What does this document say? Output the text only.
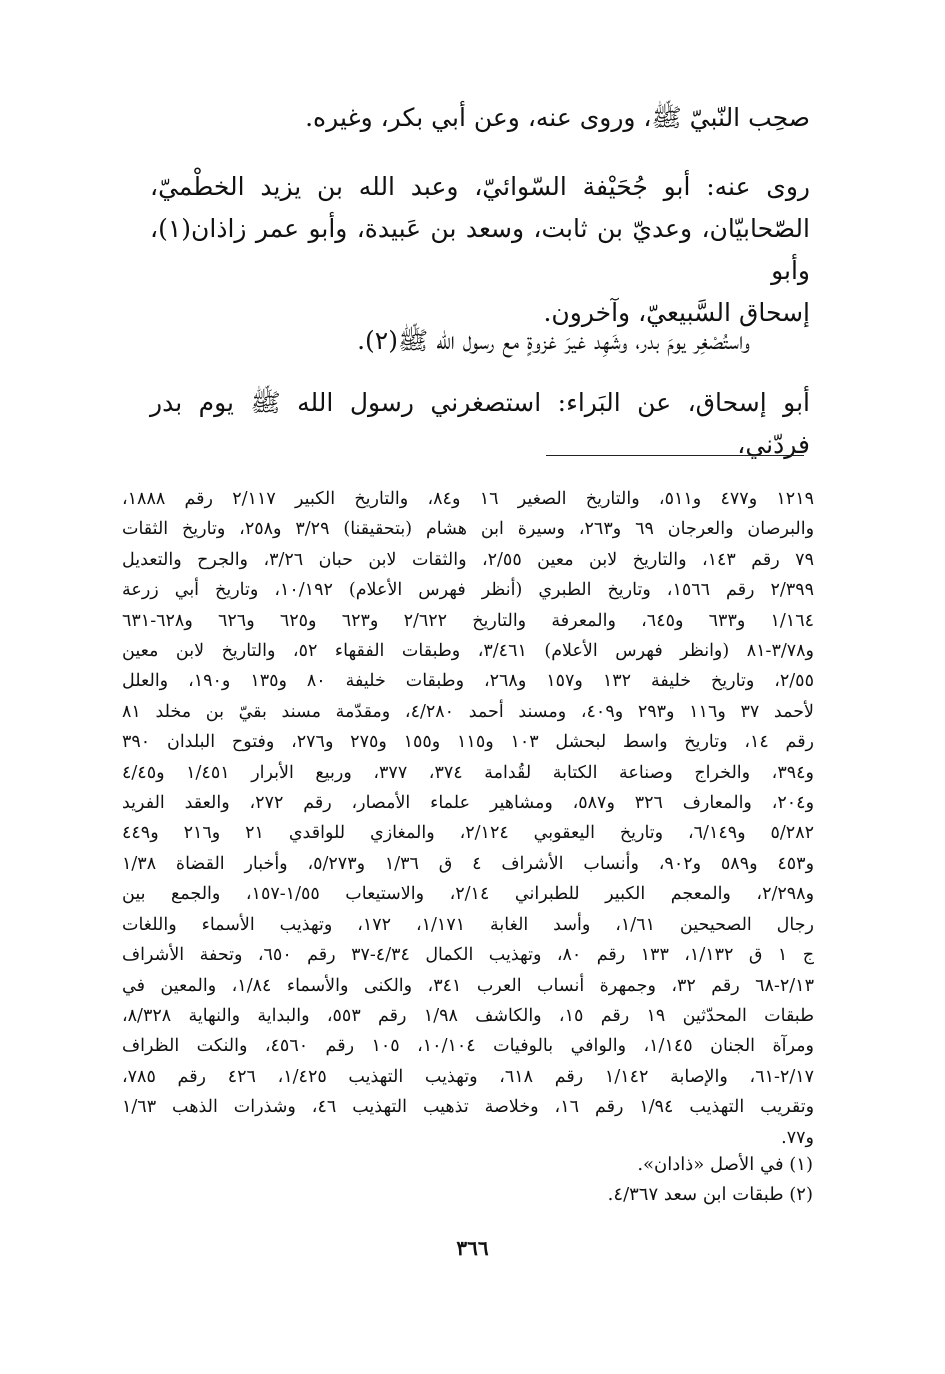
صحِب النّبيّ ﷺ، وروى عنه، وعن أبي بكر، وغيره.

روى عنه: أبو جُحَيْفة السّوائيّ، وعبد الله بن يزيد الخطْميّ،

الصّحابيّان، وعديّ بن ثابت، وسعد بن عَبيدة، وأبو عمر زاذان(١)، وأبو

إسحاق السَّبيعيّ، وآخرون.

واستُصْغِر يومَ بدر، وشَهِد غيرَ غزوةٍ مع رسول الله ﷺ(٢).

أبو إسحاق، عن البَراء: استصغرني رسول الله ﷺ يوم بدر فردّني،

١٢١٩ و٤٧٧ و٥١١، والتاريخ الصغير ١٦ و٨٤، والتاريخ الكبير ٢/١١٧ رقم ١٨٨٨،
والبرصان والعرجان ٦٩ و٢٦٣، وسيرة ابن هشام (بتحقيقنا) ٣/٢٩ و٢٥٨، وتاريخ الثقات
٧٩ رقم ١٤٣، والتاريخ لابن معين ٢/٥٥، والثقات لابن حبان ٣/٢٦، والجرح والتعديل
٢/٣٩٩ رقم ١٥٦٦، وتاريخ الطبري (أنظر فهرس الأعلام) ١٠/١٩٢، وتاريخ أبي زرعة
١/١٦٤ و٦٣٣ و٦٤٥، والمعرفة والتاريخ ٢/٦٢٢ و٦٢٣ و٦٢٥ و٦٢٦ و٦٢٨-٦٣١
و٣/٧٨-٨١ (وانظر فهرس الأعلام) ٣/٤٦١، وطبقات الفقهاء ٥٢، والتاريخ لابن معين
٢/٥٥، وتاريخ خليفة ١٣٢ و١٥٧ و٢٦٨، وطبقات خليفة ٨٠ و١٣٥ و١٩٠، والعلل
لأحمد ٣٧ و١١٦ و٢٩٣ و٤٠٩، ومسند أحمد ٤/٢٨٠، ومقدّمة مسند بقيّ بن مخلد ٨١
رقم ١٤، وتاريخ واسط لبحشل ١٠٣ و١١٥ و١٥٥ و٢٧٥ و٢٧٦، وفتوح البلدان ٣٩٠
و٣٩٤، والخراج وصناعة الكتابة لقُدامة ٣٧٤، ٣٧٧، وربيع الأبرار ١/٤٥١ و٤/٤٥
و٢٠٤، والمعارف ٣٢٦ و٥٨٧، ومشاهير علماء الأمصار، رقم ٢٧٢، والعقد الفريد
٥/٢٨٢ و٦/١٤٩، وتاريخ اليعقوبي ٢/١٢٤، والمغازي للواقدي ٢١ و٢١٦ و٤٤٩
و٤٥٣ و٥٨٩ و٩٠٢، وأنساب الأشراف ٤ ق ١/٣٦ و٥/٢٧٣، وأخبار القضاة ١/٣٨
و٢/٢٩٨، والمعجم الكبير للطبراني ٢/١٤، والاستيعاب ١/٥٥-١٥٧، والجمع بين
رجال الصحيحين ١/٦١، وأسد الغابة ١/١٧١، ١٧٢، وتهذيب الأسماء واللغات
ج ١ ق ١/١٣٢، ١٣٣ رقم ٨٠، وتهذيب الكمال ٤/٣٤-٣٧ رقم ٦٥٠، وتحفة الأشراف
٢/١٣-٦٨ رقم ٣٢، وجمهرة أنساب العرب ٣٤١، والكنى والأسماء ١/٨٤، والمعين في
طبقات المحدّثين ١٩ رقم ١٥، والكاشف ١/٩٨ رقم ٥٥٣، والبداية والنهاية ٨/٣٢٨،
ومرآة الجنان ١/١٤٥، والوافي بالوفيات ١٠/١٠٤، ١٠٥ رقم ٤٥٦٠، والنكت الظراف
٢/١٧-٦١، والإصابة ١/١٤٢ رقم ٦١٨، وتهذيب التهذيب ١/٤٢٥، ٤٢٦ رقم ٧٨٥،
وتقريب التهذيب ١/٩٤ رقم ١٦، وخلاصة تذهيب التهذيب ٤٦، وشذرات الذهب ١/٦٣
و٧٧.
(١) في الأصل «ذادان».
(٢) طبقات ابن سعد ٤/٣٦٧.
٣٦٦
